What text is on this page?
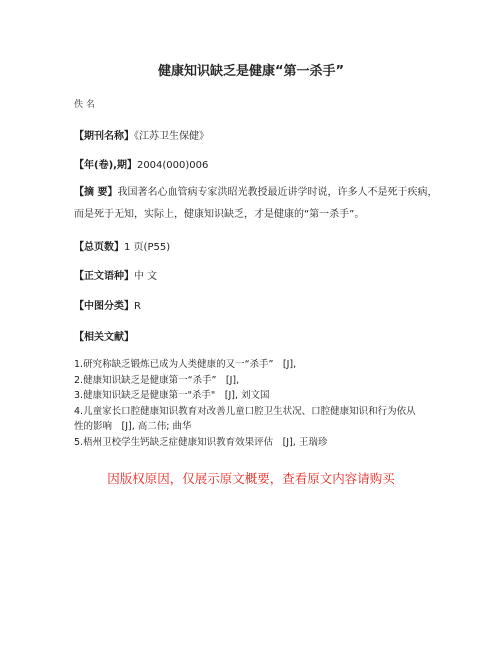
健康知识缺乏是健康“第一杀手”
佚 名
【期刊名称】《江苏卫生保健》
【年(卷),期】2004(000)006
【摘 要】我国著名心血管病专家洪昭光教授最近讲学时说，许多人不是死于疾病，
而是死于无知，实际上，健康知识缺乏，才是健康的“第一杀手”。
【总页数】1 页(P55)
【正文语种】中 文
【中图分类】R
【相关文献】
1.研究称缺乏锻炼已成为人类健康的又一“杀手”　[J],
2.健康知识缺乏是健康第一“杀手”　[J],
3.健康知识缺乏是健康第一"杀手"　[J], 刘文国
4.儿童家长口腔健康知识教育对改善儿童口腔卫生状况、口腔健康知识和行为依从
性的影响　[J], 高二伟; 曲华
5.梧州卫校学生钙缺乏症健康知识教育效果评估　[J], 王瑞珍
因版权原因，仅展示原文概要，查看原文内容请购买
